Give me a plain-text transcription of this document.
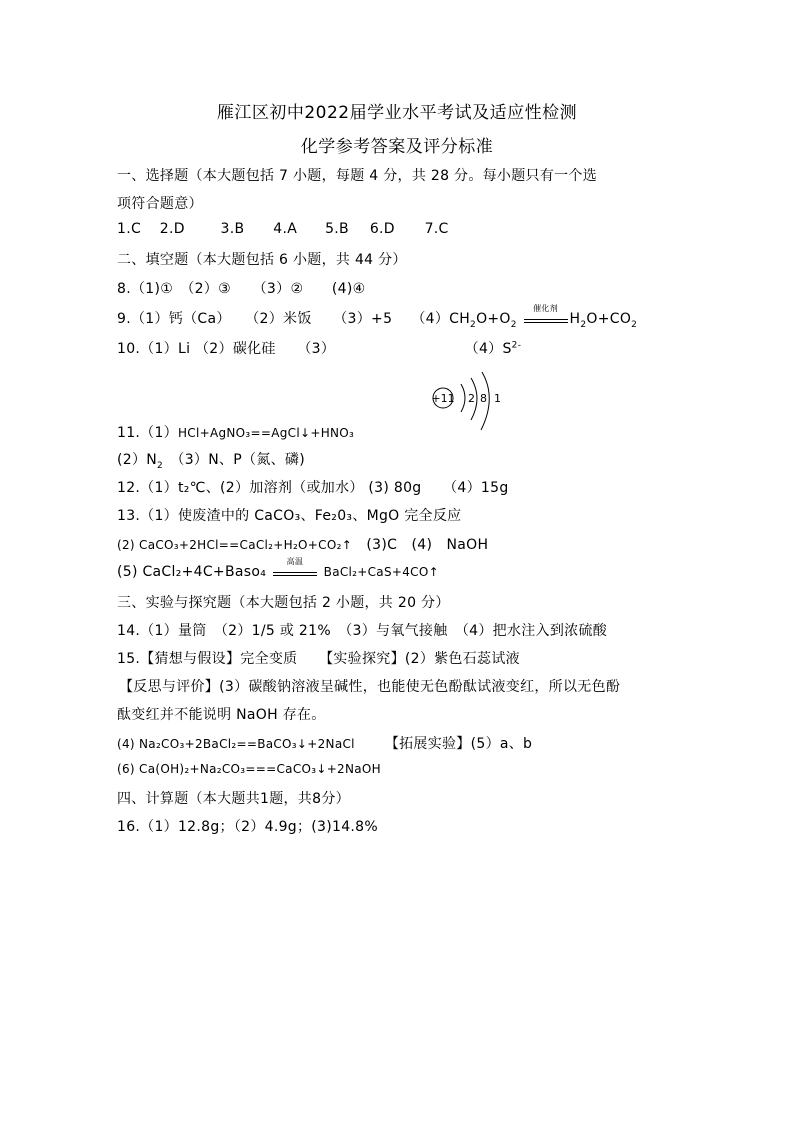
雁江区初中2022届学业水平考试及适应性检测
化学参考答案及评分标准
一、选择题（本大题包括 7 小题，每题 4 分，共 28 分。每小题只有一个选
项符合题意）
1.C 2.D	3.B 4.A 5.B 6.D 7.C
二、填空题（本大题包括 6 小题，共 44 分）
8.（1)①　（2）③　　（3）②　　(4)④
9.（1）钙（Ca）　　（2）米饭　　（3）+5　 $(4)CH_2O+O_2$
催化剂
$H_2O+CO_2$
10.（1）Li （2）碳化硅　　（3）	$(4)S^{2-}$
+11 2 8 1
11.（1）HCl+AgNO₃==AgCl↓+HNO₃
$(2)N_2$　 （3）N、P（氮、磷)
12.（1）t₂℃、(2）加溶剂（或加水） (3) 80g　　（4）15g
13.（1）使废渣中的 CaCO₃、Fe₂0₃、MgO 完全反应
(2) CaCO₃+2HCl==CaCl₂+H₂O+CO₂↑　(3)C　(4)　NaOH
(5) CaCl₂+4C+Baso₄
高温
BaCl₂+CaS+4CO↑
三、实验与探究题（本大题包括 2 小题，共 20 分）
14.（1）量筒　（2）1/5 或 21%　（3）与氧气接触　（4）把水注入到浓硫酸
15.【猜想与假设】完全变质　　【实验探究】(2）紫色石蕊试液
【反思与评价】(3）碳酸钠溶液呈碱性，也能使无色酚酞试液变红，所以无色酚
酞变红并不能说明 NaOH 存在。
(4) Na₂CO₃+2BaCl₂==BaCO₃↓+2NaCl 【拓展实验】(5）a、b
(6) Ca(OH)₂+Na₂CO₃===CaCO₃↓+2NaOH
四、计算题（本大题共1题，共8分）
16.（1）12.8g；（2）4.9g；(3)14.8%
